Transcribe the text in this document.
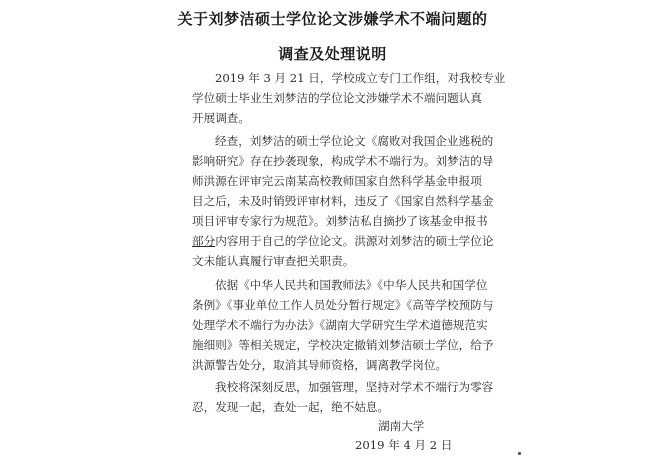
关于刘梦洁硕士学位论文涉嫌学术不端问题的
调查及处理说明
2019 年 3 月 21 日，学校成立专门工作组，对我校专业
学位硕士毕业生刘梦洁的学位论文涉嫌学术不端问题认真
开展调查。
经查，刘梦洁的硕士学位论文《腐败对我国企业逃税的
影响研究》存在抄袭现象，构成学术不端行为。刘梦洁的导
师洪源在评审完云南某高校教师国家自然科学基金申报项
目之后，未及时销毁评审材料，违反了《国家自然科学基金
项目评审专家行为规范》。刘梦洁私自摘抄了该基金申报书
部分内容用于自己的学位论文。洪源对刘梦洁的硕士学位论
文未能认真履行审查把关职责。
依据《中华人民共和国教师法》《中华人民共和国学位
条例》《事业单位工作人员处分暂行规定》《高等学校预防与
处理学术不端行为办法》《湖南大学研究生学术道德规范实
施细则》等相关规定，学校决定撤销刘梦洁硕士学位，给予
洪源警告处分，取消其导师资格，调离教学岗位。
我校将深刻反思，加强管理，坚持对学术不端行为零容
忍，发现一起，查处一起，绝不姑息。
湖南大学
2019 年 4 月 2 日
